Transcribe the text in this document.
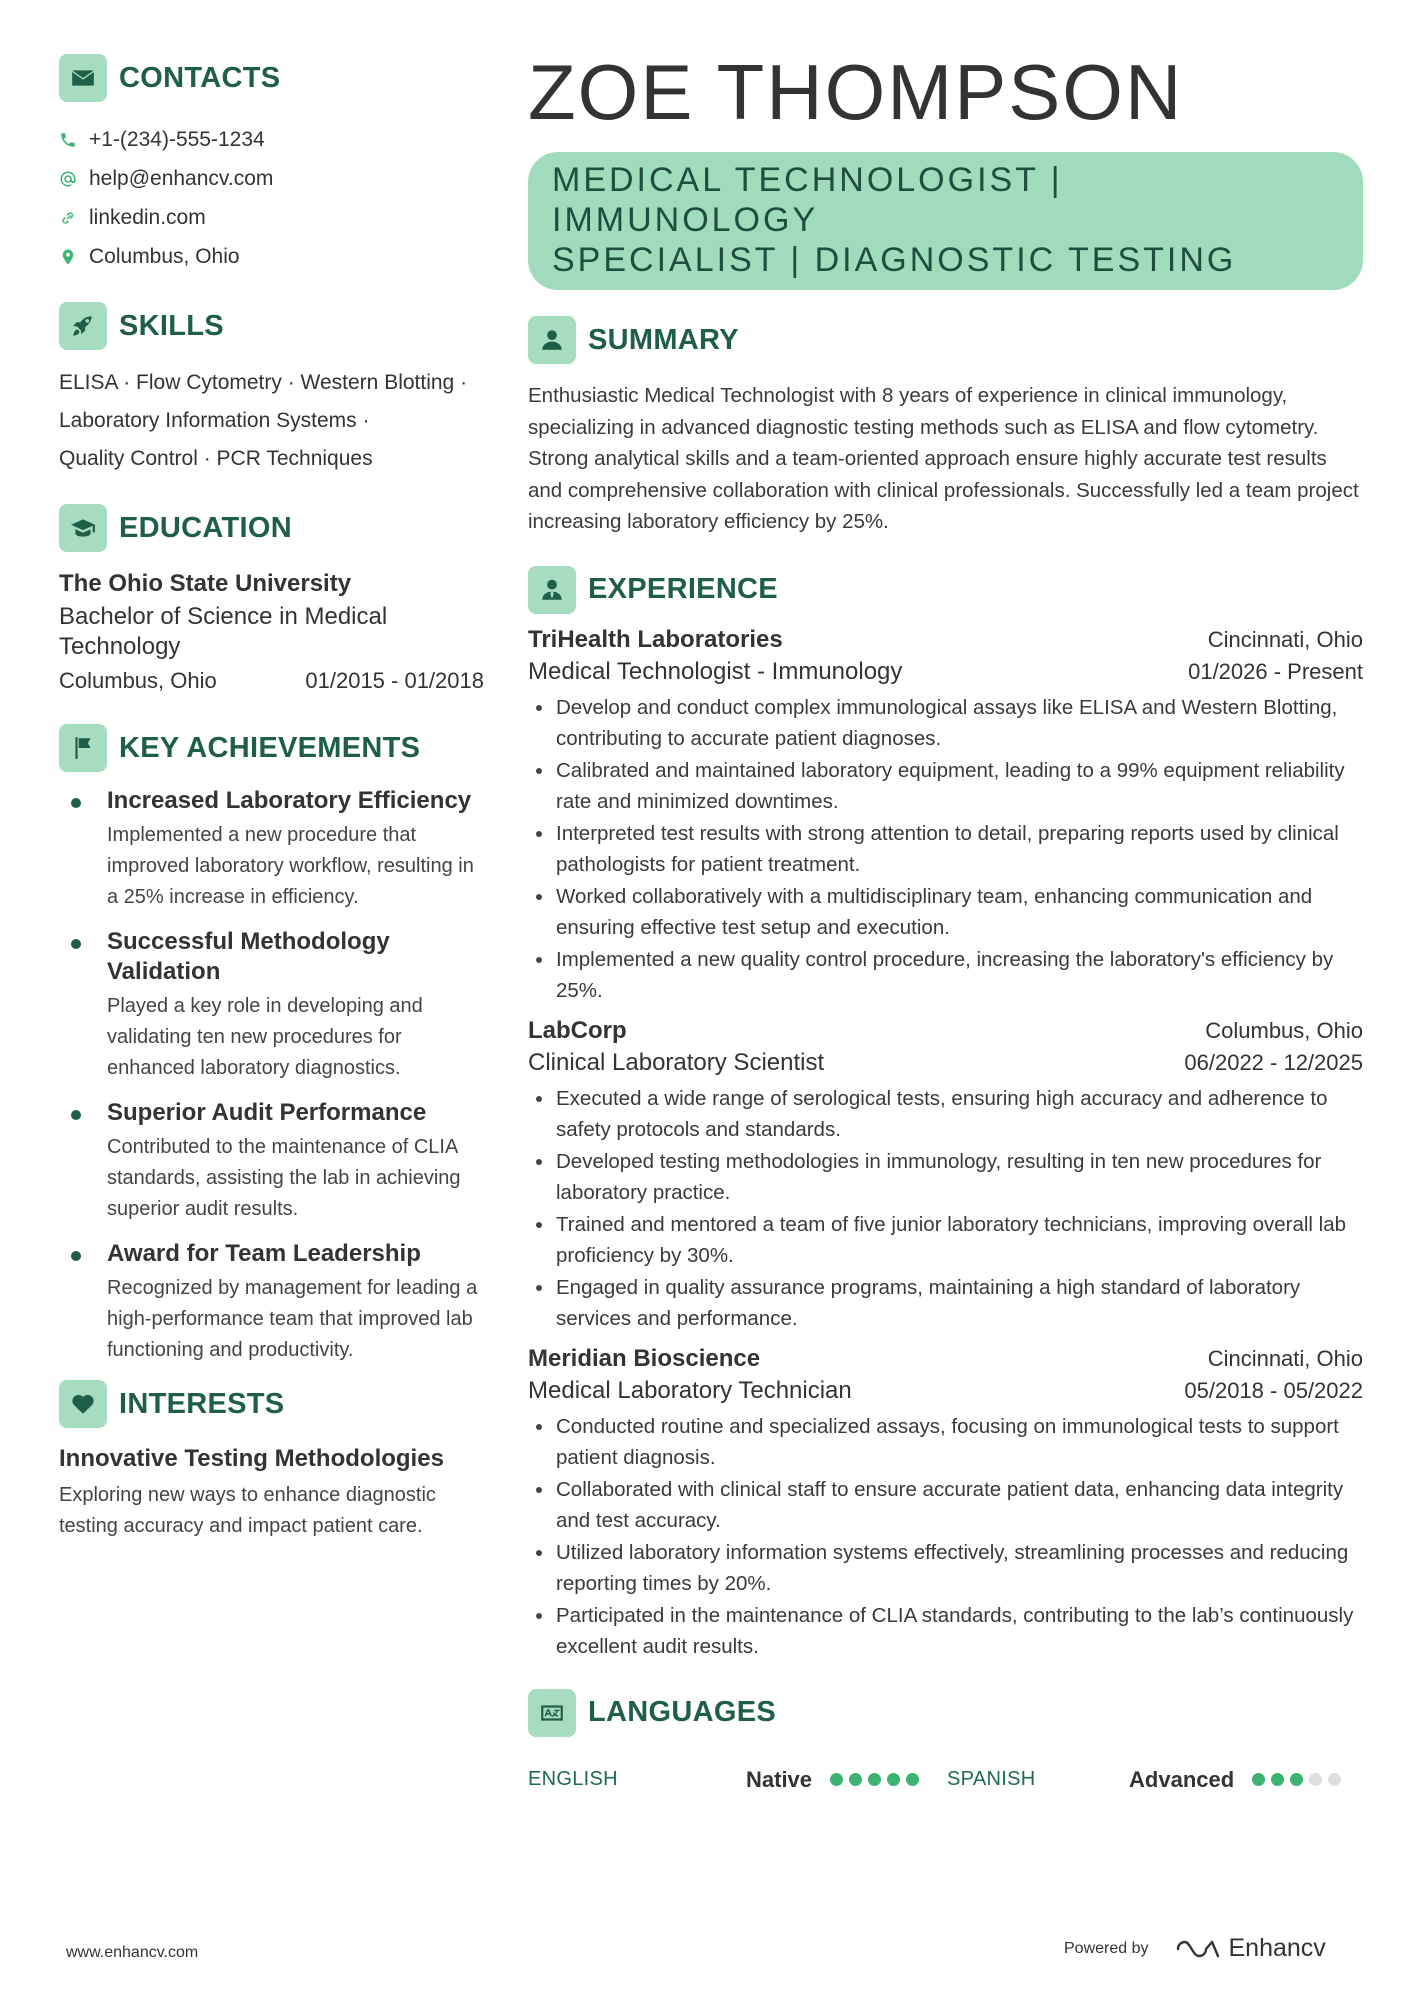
CONTACTS
+1-(234)-555-1234
help@enhancv.com
linkedin.com
Columbus, Ohio
SKILLS
ELISA · Flow Cytometry · Western Blotting ·
Laboratory Information Systems ·
Quality Control · PCR Techniques
EDUCATION
The Ohio State University
Bachelor of Science in Medical Technology
Columbus, Ohio	01/2015 - 01/2018
KEY ACHIEVEMENTS
Increased Laboratory Efficiency
Implemented a new procedure that improved laboratory workflow, resulting in a 25% increase in efficiency.
Successful Methodology Validation
Played a key role in developing and validating ten new procedures for enhanced laboratory diagnostics.
Superior Audit Performance
Contributed to the maintenance of CLIA standards, assisting the lab in achieving superior audit results.
Award for Team Leadership
Recognized by management for leading a high-performance team that improved lab functioning and productivity.
INTERESTS
Innovative Testing Methodologies
Exploring new ways to enhance diagnostic testing accuracy and impact patient care.
ZOE THOMPSON
MEDICAL TECHNOLOGIST | IMMUNOLOGY
SPECIALIST | DIAGNOSTIC TESTING
SUMMARY
Enthusiastic Medical Technologist with 8 years of experience in clinical immunology, specializing in advanced diagnostic testing methods such as ELISA and flow cytometry. Strong analytical skills and a team-oriented approach ensure highly accurate test results and comprehensive collaboration with clinical professionals. Successfully led a team project increasing laboratory efficiency by 25%.
EXPERIENCE
TriHealth Laboratories	Cincinnati, Ohio
Medical Technologist - Immunology	01/2026 - Present
Develop and conduct complex immunological assays like ELISA and Western Blotting, contributing to accurate patient diagnoses.
Calibrated and maintained laboratory equipment, leading to a 99% equipment reliability rate and minimized downtimes.
Interpreted test results with strong attention to detail, preparing reports used by clinical pathologists for patient treatment.
Worked collaboratively with a multidisciplinary team, enhancing communication and ensuring effective test setup and execution.
Implemented a new quality control procedure, increasing the laboratory's efficiency by 25%.
LabCorp	Columbus, Ohio
Clinical Laboratory Scientist	06/2022 - 12/2025
Executed a wide range of serological tests, ensuring high accuracy and adherence to safety protocols and standards.
Developed testing methodologies in immunology, resulting in ten new procedures for laboratory practice.
Trained and mentored a team of five junior laboratory technicians, improving overall lab proficiency by 30%.
Engaged in quality assurance programs, maintaining a high standard of laboratory services and performance.
Meridian Bioscience	Cincinnati, Ohio
Medical Laboratory Technician	05/2018 - 05/2022
Conducted routine and specialized assays, focusing on immunological tests to support patient diagnosis.
Collaborated with clinical staff to ensure accurate patient data, enhancing data integrity and test accuracy.
Utilized laboratory information systems effectively, streamlining processes and reducing reporting times by 20%.
Participated in the maintenance of CLIA standards, contributing to the lab’s continuously excellent audit results.
LANGUAGES
ENGLISH	Native	SPANISH	Advanced
www.enhancv.com	Powered by	Enhancv
